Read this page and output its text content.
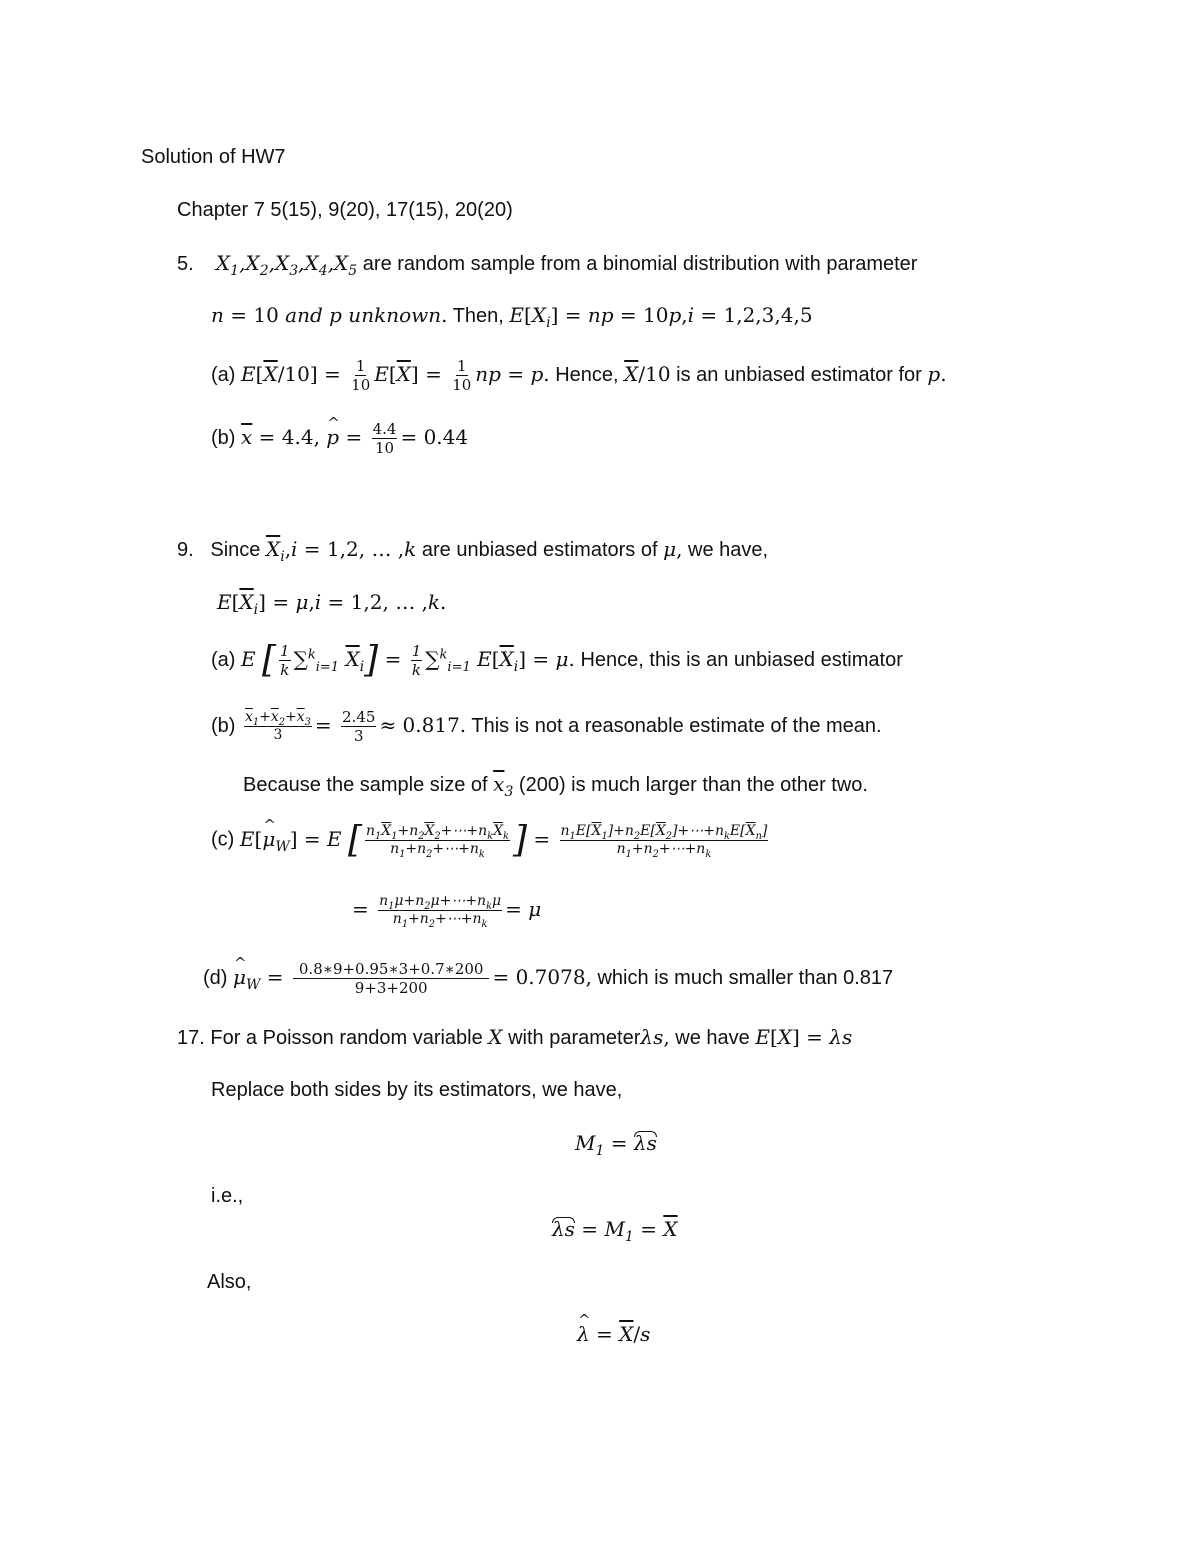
Solution of HW7
Chapter 7 5(15), 9(20), 17(15), 20(20)
5. $X_1,X_2,X_3,X_4,X_5$ are random sample from a binomial distribution with parameter
n = 10 and p unknown. Then, $E[X_i]$ = np = 10p,i = 1,2,3,4,5
(a) $E[\overline{X}/10] = \frac{1}{10} E[\overline{X}] = \frac{1}{10}$ np = p. Hence, $\overline{X}/10$ is an unbiased estimator for p.
(b) $\overline{x} = 4.4$, ^ $p = \frac{4.4}{10} = 0.44$
9. Since $\overline{X}_i,i = 1,2$, … ,k are unbiased estimators of μ, we have,
$E[\overline{X}_i] = \mu,i = 1,2$, … ,k.
(a) E [ $\frac{1}{k} \sum^k_{i=1}$ $\overline{X}_i] = \frac{1}{k} \sum^k_{i=1}$ $E[\overline{X}_i] = \mu$. Hence, this is an unbiased estimator
$(b) \frac{\overline{x}_1+\overline{x}_2+\overline{x}_3}{3} = \frac{2.45}{3} \approx 0.817$. This is not a reasonable estimate of the mean.
Because the sample size of $\overline{x}_3$ (200) is much larger than the other two.
(c) E[^ $\mu_W] = E$ [ $n_1\overline{X}_1+n_2\overline{X}_2+\cdots+n_k\overline{X}_k$
$n_1+n_2+\cdots+n_k$ ] = $n_1E[\overline{X}_1]+n_2E[\overline{X}_2]+\cdots+n_kE[\overline{X}_n]$
$n_1+n_2+\cdots+n_k$
= $n_1\mu+n_2\mu+\cdots+n_k\mu$
$n_1+n_2+\cdots+n_k$
= μ
(d) ^ $\mu_W = \frac{0.8∗9+0.95∗3+0.7∗200}{9+3+200} = 0.7078$, which is much smaller than 0.817
17. For a Poisson random variable X with parameterλs, we have E[X] = λs
Replace both sides by its estimators, we have,
$M_1 = \lambda s$
i.e.,
$\lambda s = M_1 = \overline{X}$
Also,
^ $\lambda = \overline{X}/s$
